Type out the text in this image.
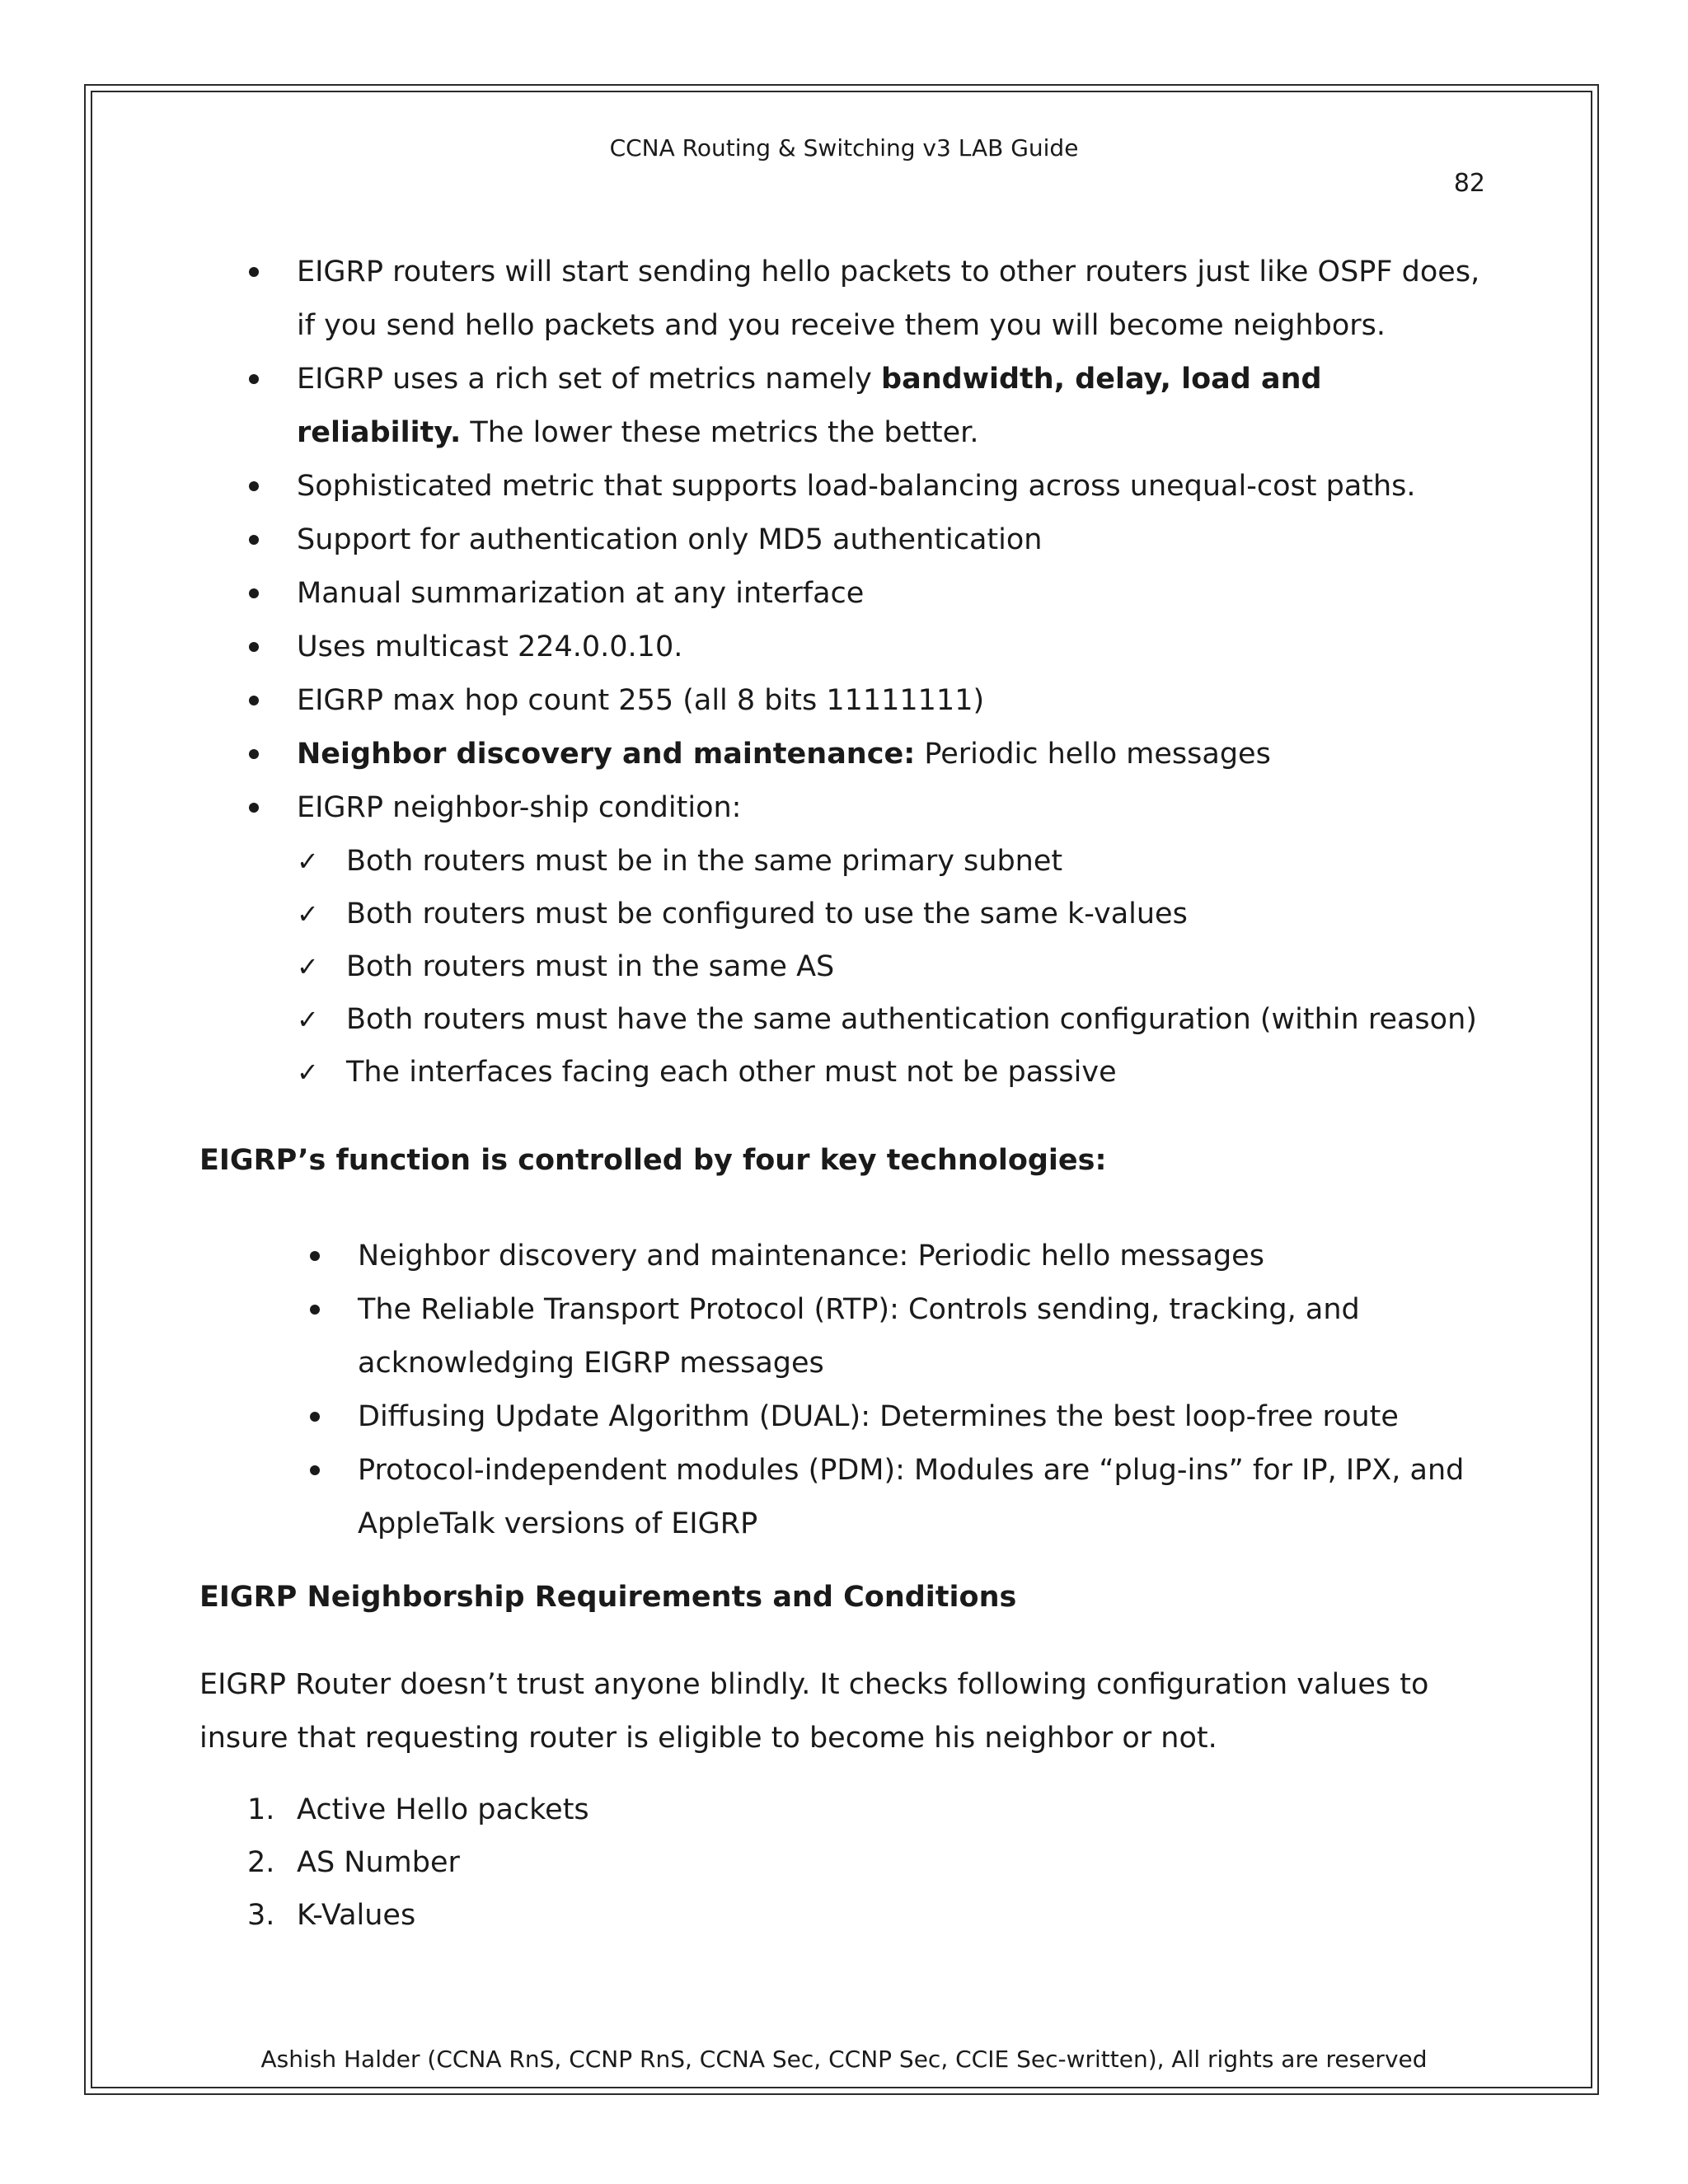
CCNA Routing & Switching v3 LAB Guide
82
EIGRP routers will start sending hello packets to other routers just like OSPF does, if you send hello packets and you receive them you will become neighbors.
EIGRP uses a rich set of metrics namely bandwidth, delay, load and reliability. The lower these metrics the better.
Sophisticated metric that supports load-balancing across unequal-cost paths.
Support for authentication only MD5 authentication
Manual summarization at any interface
Uses multicast 224.0.0.10.
EIGRP max hop count 255 (all 8 bits 11111111)
Neighbor discovery and maintenance: Periodic hello messages
EIGRP neighbor-ship condition:
✓ Both routers must be in the same primary subnet
✓ Both routers must be configured to use the same k-values
✓ Both routers must in the same AS
✓ Both routers must have the same authentication configuration (within reason)
✓ The interfaces facing each other must not be passive
EIGRP’s function is controlled by four key technologies:
Neighbor discovery and maintenance: Periodic hello messages
The Reliable Transport Protocol (RTP): Controls sending, tracking, and acknowledging EIGRP messages
Diffusing Update Algorithm (DUAL): Determines the best loop-free route
Protocol-independent modules (PDM): Modules are “plug-ins” for IP, IPX, and AppleTalk versions of EIGRP
EIGRP Neighborship Requirements and Conditions

EIGRP Router doesn’t trust anyone blindly. It checks following configuration values to insure that requesting router is eligible to become his neighbor or not.

1. Active Hello packets
2. AS Number
3. K-Values
Ashish Halder (CCNA RnS, CCNP RnS, CCNA Sec, CCNP Sec, CCIE Sec-written), All rights are reserved
